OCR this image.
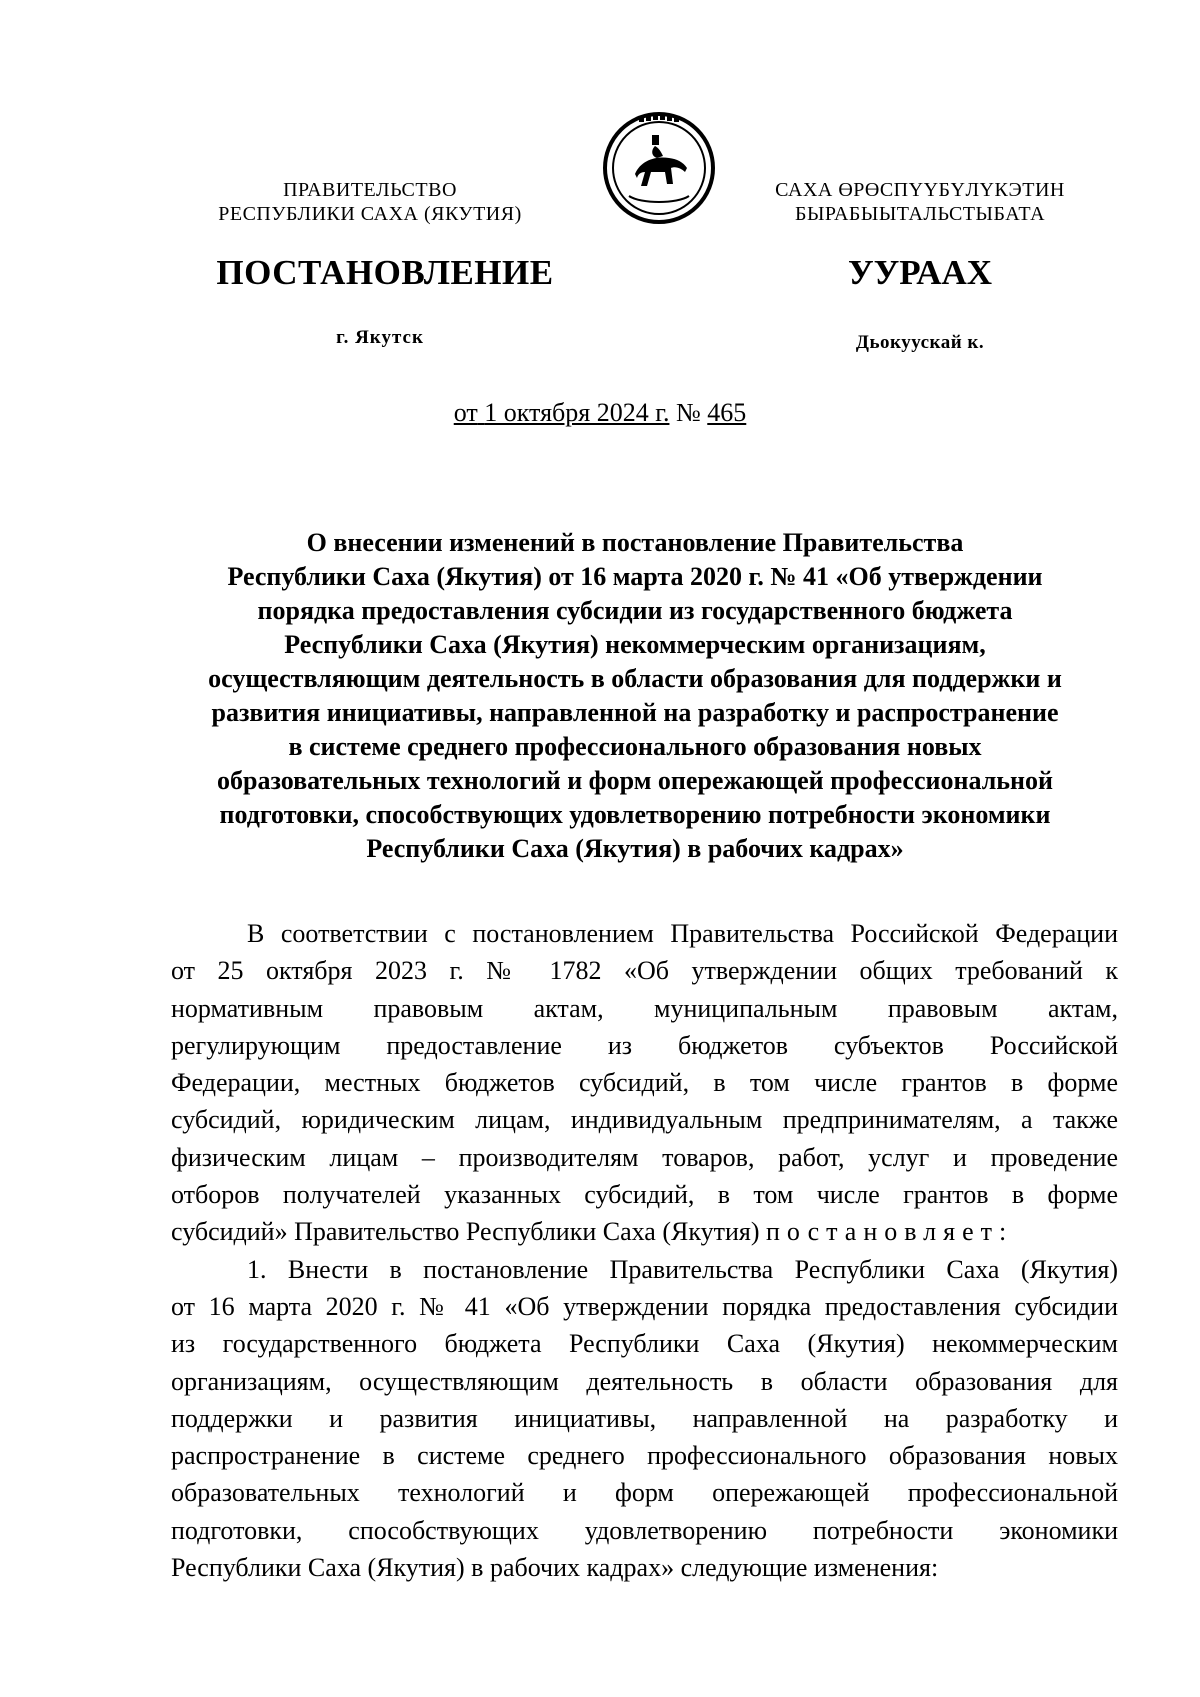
ПРАВИТЕЛЬСТВО
РЕСПУБЛИКИ САХА (ЯКУТИЯ)
САХА ӨРӨСПҮҮБҮЛҮКЭТИН
БЫРАБЫЫТАЛЬСТЫБАТА
ПОСТАНОВЛЕНИЕ	УУРААХ
г. Якутск	Дьокуускай к.
от 1 октября 2024 г. № 465
О внесении изменений в постановление Правительства
Республики Саха (Якутия) от 16 марта 2020 г. № 41 «Об утверждении
порядка предоставления субсидии из государственного бюджета
Республики Саха (Якутия) некоммерческим организациям,
осуществляющим деятельность в области образования для поддержки и
развития инициативы, направленной на разработку и распространение
в системе среднего профессионального образования новых
образовательных технологий и форм опережающей профессиональной
подготовки, способствующих удовлетворению потребности экономики
Республики Саха (Якутия) в рабочих кадрах»
В соответствии с постановлением Правительства Российской Федерации
от 25 октября 2023 г. № 1782 «Об утверждении общих требований к
нормативным правовым актам, муниципальным правовым актам,
регулирующим предоставление из бюджетов субъектов Российской
Федерации, местных бюджетов субсидий, в том числе грантов в форме
субсидий, юридическим лицам, индивидуальным предпринимателям, а также
физическим лицам – производителям товаров, работ, услуг и проведение
отборов получателей указанных субсидий, в том числе грантов в форме
субсидий» Правительство Республики Саха (Якутия) постановляет:
1. Внести в постановление Правительства Республики Саха (Якутия)
от 16 марта 2020 г. № 41 «Об утверждении порядка предоставления субсидии
из государственного бюджета Республики Саха (Якутия) некоммерческим
организациям, осуществляющим деятельность в области образования для
поддержки и развития инициативы, направленной на разработку и
распространение в системе среднего профессионального образования новых
образовательных технологий и форм опережающей профессиональной
подготовки, способствующих удовлетворению потребности экономики
Республики Саха (Якутия) в рабочих кадрах» следующие изменения:
